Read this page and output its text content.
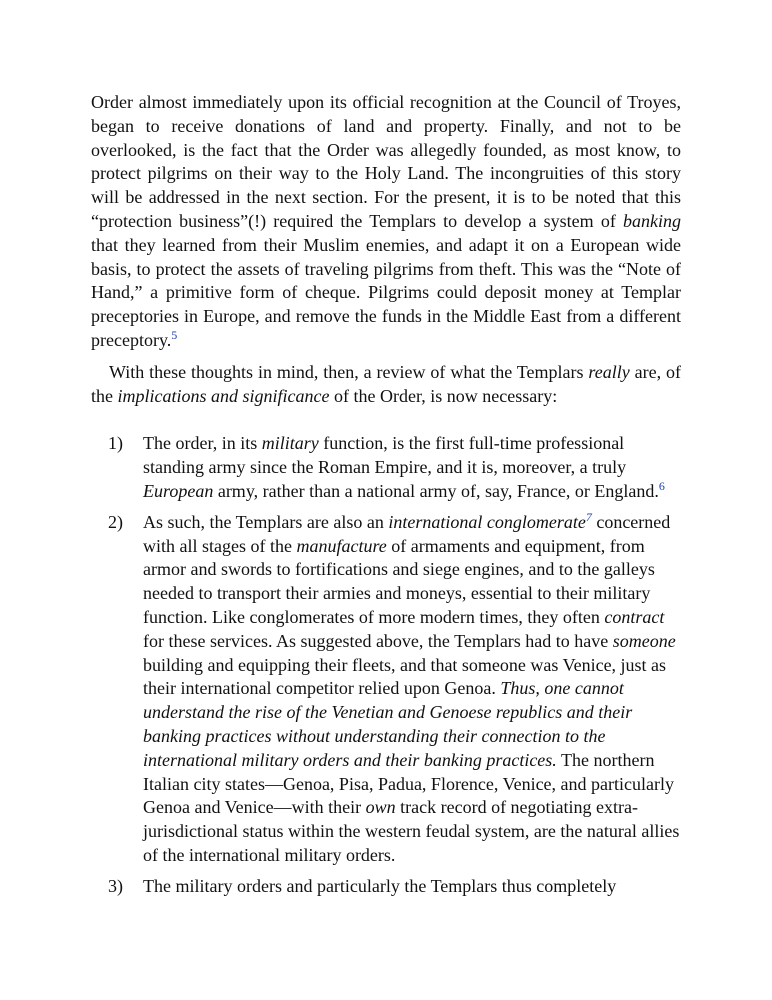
Order almost immediately upon its official recognition at the Council of Troyes, began to receive donations of land and property. Finally, and not to be overlooked, is the fact that the Order was allegedly founded, as most know, to protect pilgrims on their way to the Holy Land. The incongruities of this story will be addressed in the next section. For the present, it is to be noted that this “protection business”(!) required the Templars to develop a system of banking that they learned from their Muslim enemies, and adapt it on a European wide basis, to protect the assets of traveling pilgrims from theft. This was the “Note of Hand,” a primitive form of cheque. Pilgrims could deposit money at Templar preceptories in Europe, and remove the funds in the Middle East from a different preceptory.$^5$

With these thoughts in mind, then, a review of what the Templars really are, of the implications and significance of the Order, is now necessary:

1) The order, in its military function, is the first full-time professional standing army since the Roman Empire, and it is, moreover, a truly European army, rather than a national army of, say, France, or England.$^6$
2) As such, the Templars are also an international conglomerate$^7$ concerned with all stages of the manufacture of armaments and equipment, from armor and swords to fortifications and siege engines, and to the galleys needed to transport their armies and moneys, essential to their military function. Like conglomerates of more modern times, they often contract for these services. As suggested above, the Templars had to have someone building and equipping their fleets, and that someone was Venice, just as their international competitor relied upon Genoa. Thus, one cannot understand the rise of the Venetian and Genoese republics and their banking practices without understanding their connection to the international military orders and their banking practices. The northern Italian city states—Genoa, Pisa, Padua, Florence, Venice, and particularly Genoa and Venice—with their own track record of negotiating extra-jurisdictional status within the western feudal system, are the natural allies of the international military orders.
3) The military orders and particularly the Templars thus completely
